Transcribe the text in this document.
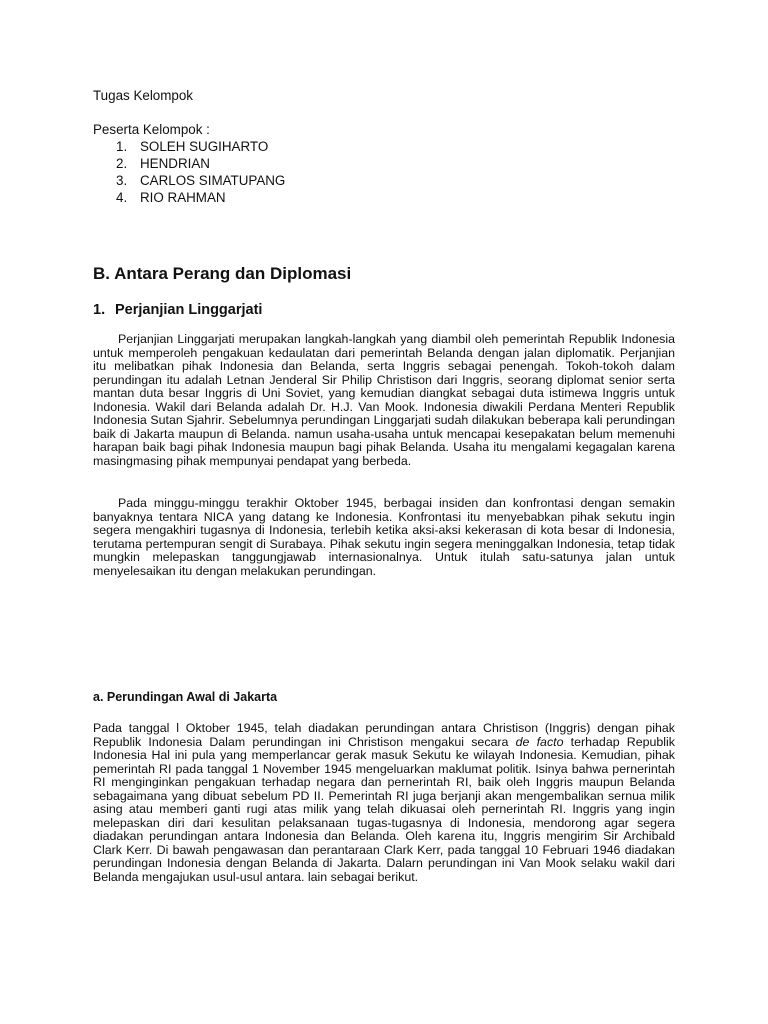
Tugas Kelompok
Peserta Kelompok :
1. SOLEH SUGIHARTO
2. HENDRIAN
3. CARLOS SIMATUPANG
4. RIO RAHMAN
B. Antara Perang dan Diplomasi
1. Perjanjian Linggarjati

Perjanjian Linggarjati merupakan langkah-langkah yang diambil oleh pemerintah Republik Indonesia untuk memperoleh pengakuan kedaulatan dari pemerintah Belanda dengan jalan diplomatik. Perjanjian itu melibatkan pihak Indonesia dan Belanda, serta Inggris sebagai penengah. Tokoh-tokoh dalam perundingan itu adalah Letnan Jenderal Sir Philip Christison dari Inggris, seorang diplomat senior serta mantan duta besar Inggris di Uni Soviet, yang kemudian diangkat sebagai duta istimewa Inggris untuk Indonesia. Wakil dari Belanda adalah Dr. H.J. Van Mook. Indonesia diwakili Perdana Menteri Republik Indonesia Sutan Sjahrir. Sebelumnya perundingan Linggarjati sudah dilakukan beberapa kali perundingan baik di Jakarta maupun di Belanda. namun usaha-usaha untuk mencapai kesepakatan belum memenuhi harapan baik bagi pihak Indonesia maupun bagi pihak Belanda. Usaha itu mengalami kegagalan karena masingmasing pihak mempunyai pendapat yang berbeda.

Pada minggu-minggu terakhir Oktober 1945, berbagai insiden dan konfrontasi dengan semakin banyaknya tentara NICA yang datang ke Indonesia. Konfrontasi itu menyebabkan pihak sekutu ingin segera mengakhiri tugasnya di Indonesia, terlebih ketika aksi-aksi kekerasan di kota besar di Indonesia, terutama pertempuran sengit di Surabaya. Pihak sekutu ingin segera meninggalkan Indonesia, tetap tidak mungkin melepaskan tanggungjawab internasionalnya. Untuk itulah satu-satunya jalan untuk menyelesaikan itu dengan melakukan perundingan.

a. Perundingan Awal di Jakarta

Pada tanggal l Oktober 1945, telah diadakan perundingan antara Christison (Inggris) dengan pihak Republik Indonesia Dalam perundingan ini Christison mengakui secara de facto terhadap Republik Indonesia Hal ini pula yang memperlancar gerak masuk Sekutu ke wilayah Indonesia. Kemudian, pihak pemerintah RI pada tanggal 1 November 1945 mengeluarkan maklumat politik. Isinya bahwa pernerintah RI menginginkan pengakuan terhadap negara dan pernerintah RI, baik oleh Inggris maupun Belanda sebagaimana yang dibuat sebelum PD II. Pemerintah RI juga berjanji akan mengembalikan sernua milik asing atau memberi ganti rugi atas milik yang telah dikuasai oleh pernerintah RI. Inggris yang ingin melepaskan diri dari kesulitan pelaksanaan tugas-tugasnya di Indonesia, mendorong agar segera diadakan perundingan antara Indonesia dan Belanda. Oleh karena itu, Inggris mengirim Sir Archibald Clark Kerr. Di bawah pengawasan dan perantaraan Clark Kerr, pada tanggal 10 Februari 1946 diadakan perundingan Indonesia dengan Belanda di Jakarta. Dalarn perundingan ini Van Mook selaku wakil dari Belanda mengajukan usul-usul antara. lain sebagai berikut.
